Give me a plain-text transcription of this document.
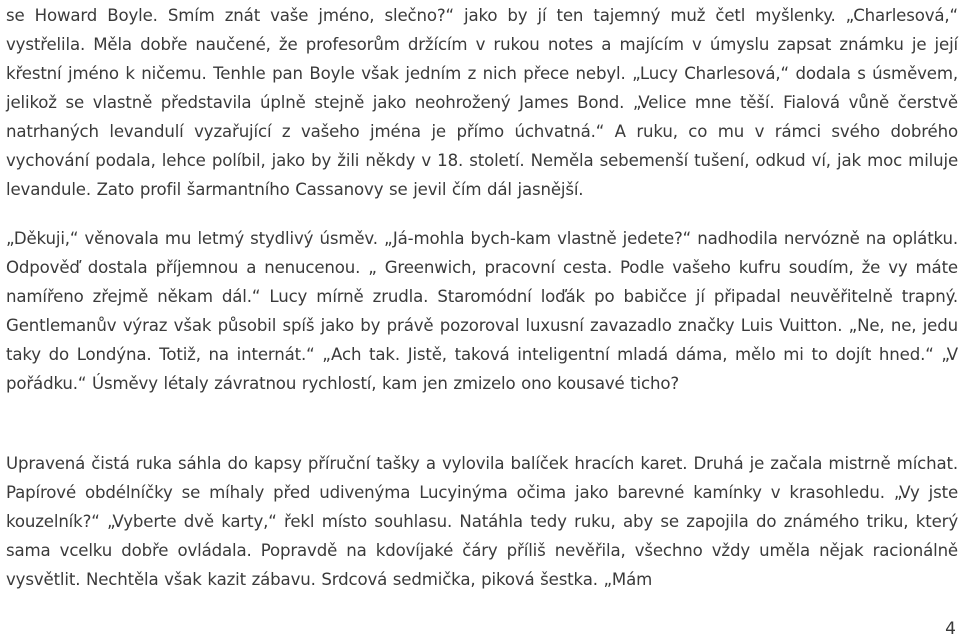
se Howard Boyle. Smím znát vaše jméno, slečno?“ jako by jí ten tajemný muž četl myšlenky. „Charlesová,“ vystřelila. Měla dobře naučené, že profesorům držícím v rukou notes a majícím v úmyslu zapsat známku je její křestní jméno k ničemu. Tenhle pan Boyle však jedním z nich přece nebyl. „Lucy Charlesová,“ dodala s úsměvem, jelikož se vlastně představila úplně stejně jako neohrožený James Bond. „Velice mne těší. Fialová vůně čerstvě natrhaných levandulí vyzařující z vašeho jména je přímo úchvatná.“ A ruku, co mu v rámci svého dobrého vychování podala, lehce políbil, jako by žili někdy v 18. století. Neměla sebemenší tušení, odkud ví, jak moc miluje levandule. Zato profil šarmantního Cassanovy se jevil čím dál jasnější.

„Děkuji,“ věnovala mu letmý stydlivý úsměv. „Já-mohla bych-kam vlastně jedete?“ nadhodila nervózně na oplátku. Odpověď dostala příjemnou a nenucenou. „ Greenwich, pracovní cesta. Podle vašeho kufru soudím, že vy máte namířeno zřejmě někam dál.“ Lucy mírně zrudla. Staromódní loďák po babičce jí připadal neuvěřitelně trapný. Gentlemanův výraz však působil spíš jako by právě pozoroval luxusní zavazadlo značky Luis Vuitton. „Ne, ne, jedu taky do Londýna. Totiž, na internát.“ „Ach tak. Jistě, taková inteligentní mladá dáma, mělo mi to dojít hned.“ „V pořádku.“ Úsměvy létaly závratnou rychlostí, kam jen zmizelo ono kousavé ticho?

Upravená čistá ruka sáhla do kapsy příruční tašky a vylovila balíček hracích karet. Druhá je začala mistrně míchat. Papírové obdélníčky se míhaly před udivenýma Lucyinýma očima jako barevné kamínky v krasohledu. „Vy jste kouzelník?“ „Vyberte dvě karty,“ řekl místo souhlasu. Natáhla tedy ruku, aby se zapojila do známého triku, který sama vcelku dobře ovládala. Popravdě na kdovíjaké čáry příliš nevěřila, všechno vždy uměla nějak racionálně vysvětlit. Nechtěla však kazit zábavu. Srdcová sedmička, piková šestka. „Mám

4
